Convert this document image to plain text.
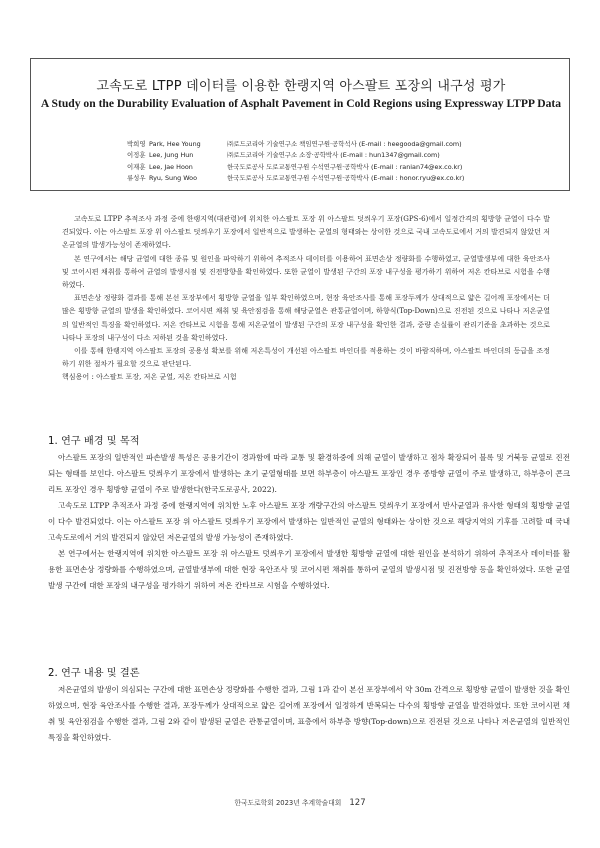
고속도로 LTPP 데이터를 이용한 한랭지역 아스팔트 포장의 내구성 평가
A Study on the Durability Evaluation of Asphalt Pavement in Cold Regions using Expressway LTPP Data
박희영 Park, Hee Young	㈜로드코리아 기술연구소 책임연구원·공학석사 (E-mail : heegooda@gmail.com)
이정훈 Lee, Jung Hun	㈜로드코리아 기술연구소 소장·공학박사 (E-mail : hun1347@gmail.com)
이재훈 Lee, Jae Hoon	한국도로공사 도로교통연구원 수석연구원·공학박사 (E-mail : ranian74@ex.co.kr)
류성우 Ryu, Sung Woo	한국도로공사 도로교통연구원 수석연구원·공학박사 (E-mail : honor.ryu@ex.co.kr)

고속도로 LTPP 추적조사 과정 중에 한랭지역(대관령)에 위치한 아스팔트 포장 위 아스팔트 덧씌우기 포장(GPS-6)에서 일정간격의 횡방향 균열이 다수 발견되었다. 이는 아스팔트 포장 위 아스팔트 덧씌우기 포장에서 일반적으로 발생하는 균열의 형태와는 상이한 것으로 국내 고속도로에서 거의 발견되지 않았던 저온균열의 발생가능성이 존재하였다.

본 연구에서는 해당 균열에 대한 종류 및 원인을 파악하기 위하여 추적조사 데이터를 이용하여 표면손상 정량화를 수행하였고, 균열발생부에 대한 육안조사 및 코어시편 채취를 통하여 균열의 발생시점 및 진전방향을 확인하였다. 또한 균열이 발생된 구간의 포장 내구성을 평가하기 위하여 저온 칸타브로 시험을 수행하였다.

표면손상 정량화 결과를 통해 본선 포장부에서 횡방향 균열을 일부 확인하였으며, 현장 육안조사를 통해 포장두께가 상대적으로 얇은 길어깨 포장에서는 더 많은 횡방향 균열의 발생을 확인하였다. 코어시편 채취 및 육안점검을 통해 해당균열은 관통균열이며, 하향식(Top-Down)으로 진전된 것으로 나타나 저온균열의 일반적인 특징을 확인하였다. 저온 칸타브로 시험을 통해 저온균열이 발생된 구간의 포장 내구성을 확인한 결과, 중량 손실률이 관리기준을 초과하는 것으로 나타나 포장의 내구성이 다소 저하된 것을 확인하였다.

이를 통해 한랭지역 아스팔트 포장의 공용성 확보를 위해 저온특성이 개선된 아스팔트 바인더를 적용하는 것이 바람직하며, 아스팔트 바인더의 등급을 조정하기 위한 절차가 필요할 것으로 판단된다.

핵심용어 : 아스팔트 포장, 저온 균열, 저온 칸타브로 시험

1. 연구 배경 및 목적

아스팔트 포장의 일반적인 파손발생 특성은 공용기간이 경과함에 따라 교통 및 환경하중에 의해 균열이 발생하고 점차 확장되어 블록 및 거북등 균열로 진전되는 형태를 보인다. 아스팔트 덧씌우기 포장에서 발생하는 초기 균열형태를 보면 하부층이 아스팔트 포장인 경우 종방향 균열이 주로 발생하고, 하부층이 콘크리트 포장인 경우 횡방향 균열이 주로 발생한다(한국도로공사, 2022).

고속도로 LTPP 추적조사 과정 중에 한랭지역에 위치한 노후 아스팔트 포장 개량구간의 아스팔트 덧씌우기 포장에서 반사균열과 유사한 형태의 횡방향 균열이 다수 발견되었다. 이는 아스팔트 포장 위 아스팔트 덧씌우기 포장에서 발생하는 일반적인 균열의 형태와는 상이한 것으로 해당지역의 기후를 고려할 때 국내 고속도로에서 거의 발견되지 않았던 저온균열의 발생 가능성이 존재하였다.

본 연구에서는 한랭지역에 위치한 아스팔트 포장 위 아스팔트 덧씌우기 포장에서 발생한 횡방향 균열에 대한 원인을 분석하기 위하여 추적조사 데이터를 활용한 표면손상 정량화를 수행하였으며, 균열발생부에 대한 현장 육안조사 및 코어시편 채취를 통하여 균열의 발생시점 및 진전방향 등을 확인하였다. 또한 균열발생 구간에 대한 포장의 내구성을 평가하기 위하여 저온 칸타브로 시험을 수행하였다.

2. 연구 내용 및 결론

저온균열의 발생이 의심되는 구간에 대한 표면손상 정량화를 수행한 결과, 그림 1과 같이 본선 포장부에서 약 30m 간격으로 횡방향 균열이 발생한 것을 확인하였으며, 현장 육안조사를 수행한 결과, 포장두께가 상대적으로 얇은 길어깨 포장에서 일정하게 반복되는 다수의 횡방향 균열을 발견하였다. 또한 코어시편 채취 및 육안점검을 수행한 결과, 그림 2와 같이 발생된 균열은 관통균열이며, 표층에서 하부층 방향(Top-down)으로 진전된 것으로 나타나 저온균열의 일반적인 특징을 확인하였다.

한국도로학회 2023년 추계학술대회 127
